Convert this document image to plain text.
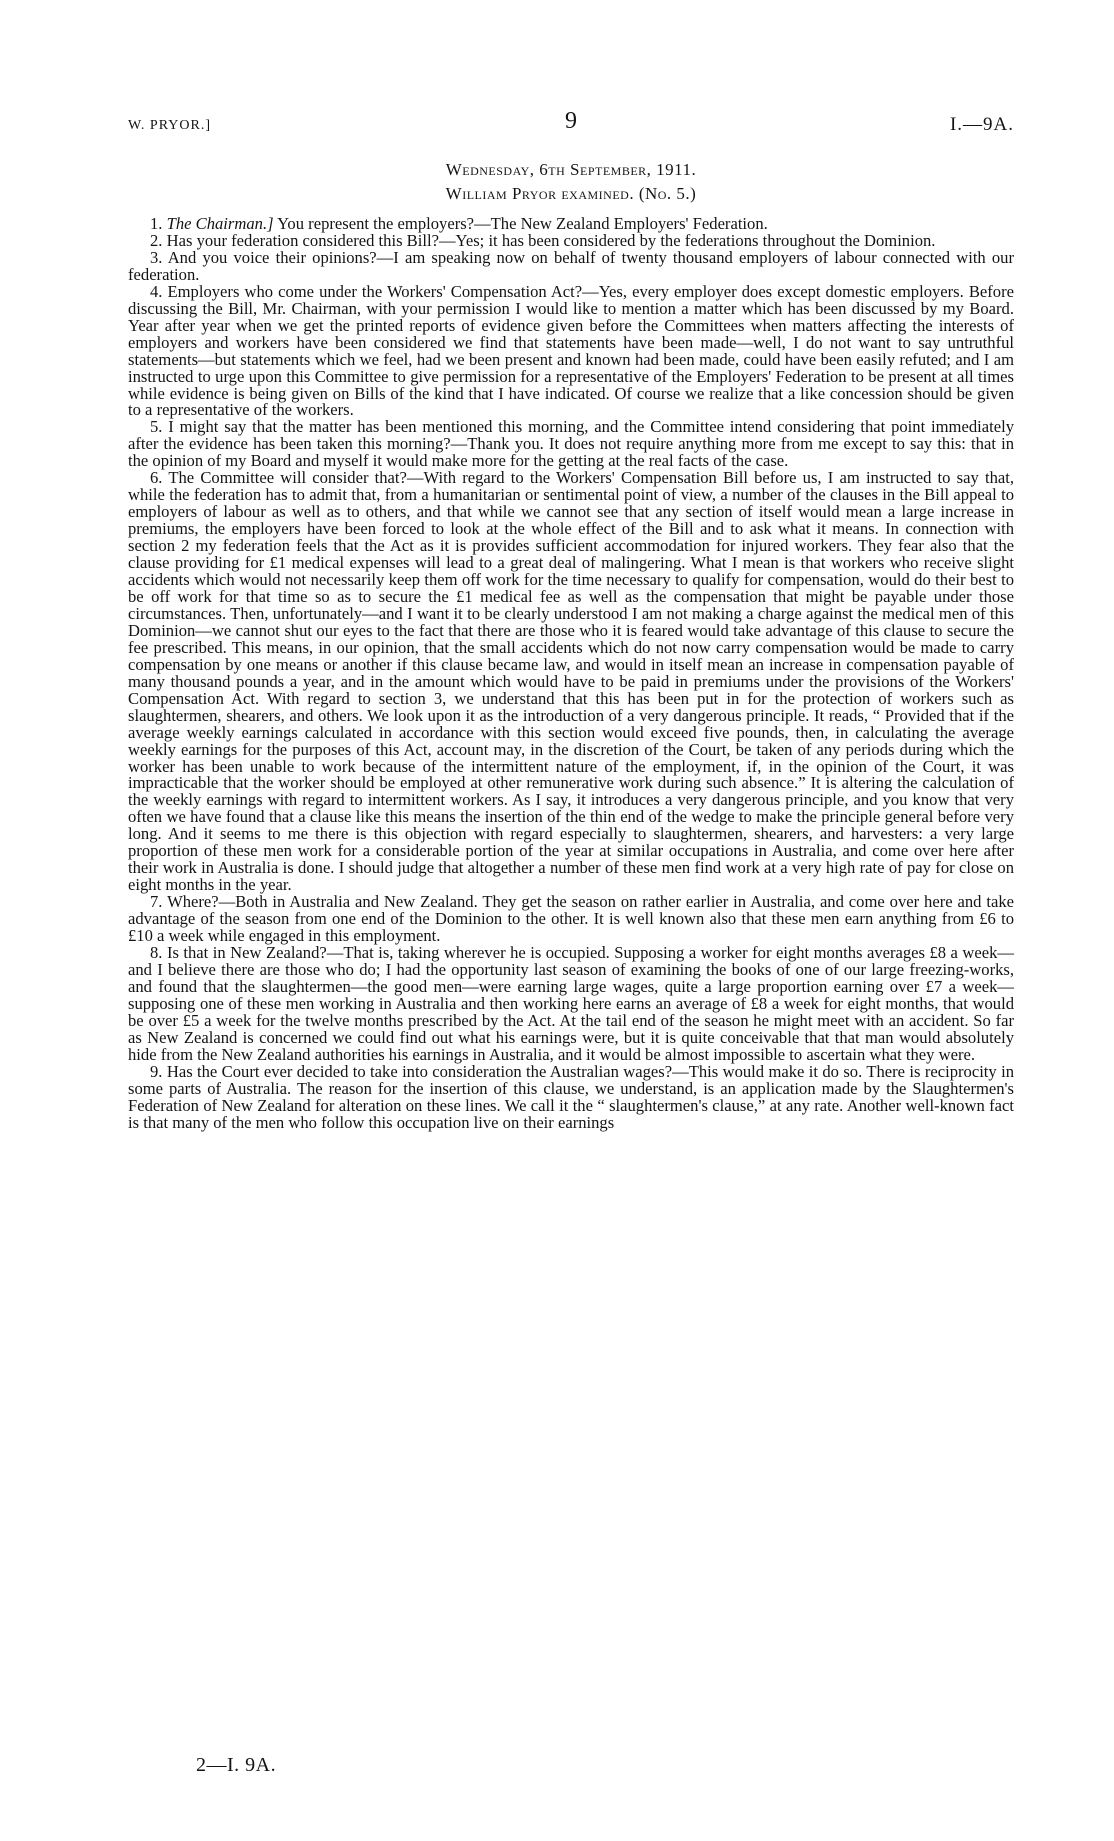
W. PRYOR.]	9	I.—9A.
Wednesday, 6th September, 1911.
William Pryor examined. (No. 5.)

1. The Chairman.] You represent the employers?—The New Zealand Employers' Federation.

2. Has your federation considered this Bill?—Yes; it has been considered by the federations throughout the Dominion.

3. And you voice their opinions?—I am speaking now on behalf of twenty thousand employers of labour connected with our federation.

4. Employers who come under the Workers' Compensation Act?—Yes, every employer does except domestic employers. Before discussing the Bill, Mr. Chairman, with your permission I would like to mention a matter which has been discussed by my Board. Year after year when we get the printed reports of evidence given before the Committees when matters affecting the interests of employers and workers have been considered we find that statements have been made—well, I do not want to say untruthful statements—but statements which we feel, had we been present and known had been made, could have been easily refuted; and I am instructed to urge upon this Committee to give permission for a representative of the Employers' Federation to be present at all times while evidence is being given on Bills of the kind that I have indicated. Of course we realize that a like concession should be given to a representative of the workers.

5. I might say that the matter has been mentioned this morning, and the Committee intend considering that point immediately after the evidence has been taken this morning?—Thank you. It does not require anything more from me except to say this: that in the opinion of my Board and myself it would make more for the getting at the real facts of the case.

6. The Committee will consider that?—With regard to the Workers' Compensation Bill before us, I am instructed to say that, while the federation has to admit that, from a humanitarian or sentimental point of view, a number of the clauses in the Bill appeal to employers of labour as well as to others, and that while we cannot see that any section of itself would mean a large increase in premiums, the employers have been forced to look at the whole effect of the Bill and to ask what it means. In connection with section 2 my federation feels that the Act as it is provides sufficient accommodation for injured workers. They fear also that the clause providing for £1 medical expenses will lead to a great deal of malingering. What I mean is that workers who receive slight accidents which would not necessarily keep them off work for the time necessary to qualify for compensation, would do their best to be off work for that time so as to secure the £1 medical fee as well as the compensation that might be payable under those circumstances. Then, unfortunately—and I want it to be clearly understood I am not making a charge against the medical men of this Dominion—we cannot shut our eyes to the fact that there are those who it is feared would take advantage of this clause to secure the fee prescribed. This means, in our opinion, that the small accidents which do not now carry compensation would be made to carry compensation by one means or another if this clause became law, and would in itself mean an increase in compensation payable of many thousand pounds a year, and in the amount which would have to be paid in premiums under the provisions of the Workers' Compensation Act. With regard to section 3, we understand that this has been put in for the protection of workers such as slaughtermen, shearers, and others. We look upon it as the introduction of a very dangerous principle. It reads, “ Provided that if the average weekly earnings calculated in accordance with this section would exceed five pounds, then, in calculating the average weekly earnings for the purposes of this Act, account may, in the discretion of the Court, be taken of any periods during which the worker has been unable to work because of the intermittent nature of the employment, if, in the opinion of the Court, it was impracticable that the worker should be employed at other remunerative work during such absence.” It is altering the calculation of the weekly earnings with regard to intermittent workers. As I say, it introduces a very dangerous principle, and you know that very often we have found that a clause like this means the insertion of the thin end of the wedge to make the principle general before very long. And it seems to me there is this objection with regard especially to slaughtermen, shearers, and harvesters: a very large proportion of these men work for a considerable portion of the year at similar occupations in Australia, and come over here after their work in Australia is done. I should judge that altogether a number of these men find work at a very high rate of pay for close on eight months in the year.

7. Where?—Both in Australia and New Zealand. They get the season on rather earlier in Australia, and come over here and take advantage of the season from one end of the Dominion to the other. It is well known also that these men earn anything from £6 to £10 a week while engaged in this employment.

8. Is that in New Zealand?—That is, taking wherever he is occupied. Supposing a worker for eight months averages £8 a week—and I believe there are those who do; I had the opportunity last season of examining the books of one of our large freezing-works, and found that the slaughtermen—the good men—were earning large wages, quite a large proportion earning over £7 a week—supposing one of these men working in Australia and then working here earns an average of £8 a week for eight months, that would be over £5 a week for the twelve months prescribed by the Act. At the tail end of the season he might meet with an accident. So far as New Zealand is concerned we could find out what his earnings were, but it is quite conceivable that that man would absolutely hide from the New Zealand authorities his earnings in Australia, and it would be almost impossible to ascertain what they were.

9. Has the Court ever decided to take into consideration the Australian wages?—This would make it do so. There is reciprocity in some parts of Australia. The reason for the insertion of this clause, we understand, is an application made by the Slaughtermen's Federation of New Zealand for alteration on these lines. We call it the “ slaughtermen's clause,” at any rate. Another well-known fact is that many of the men who follow this occupation live on their earnings

2—I. 9A.
